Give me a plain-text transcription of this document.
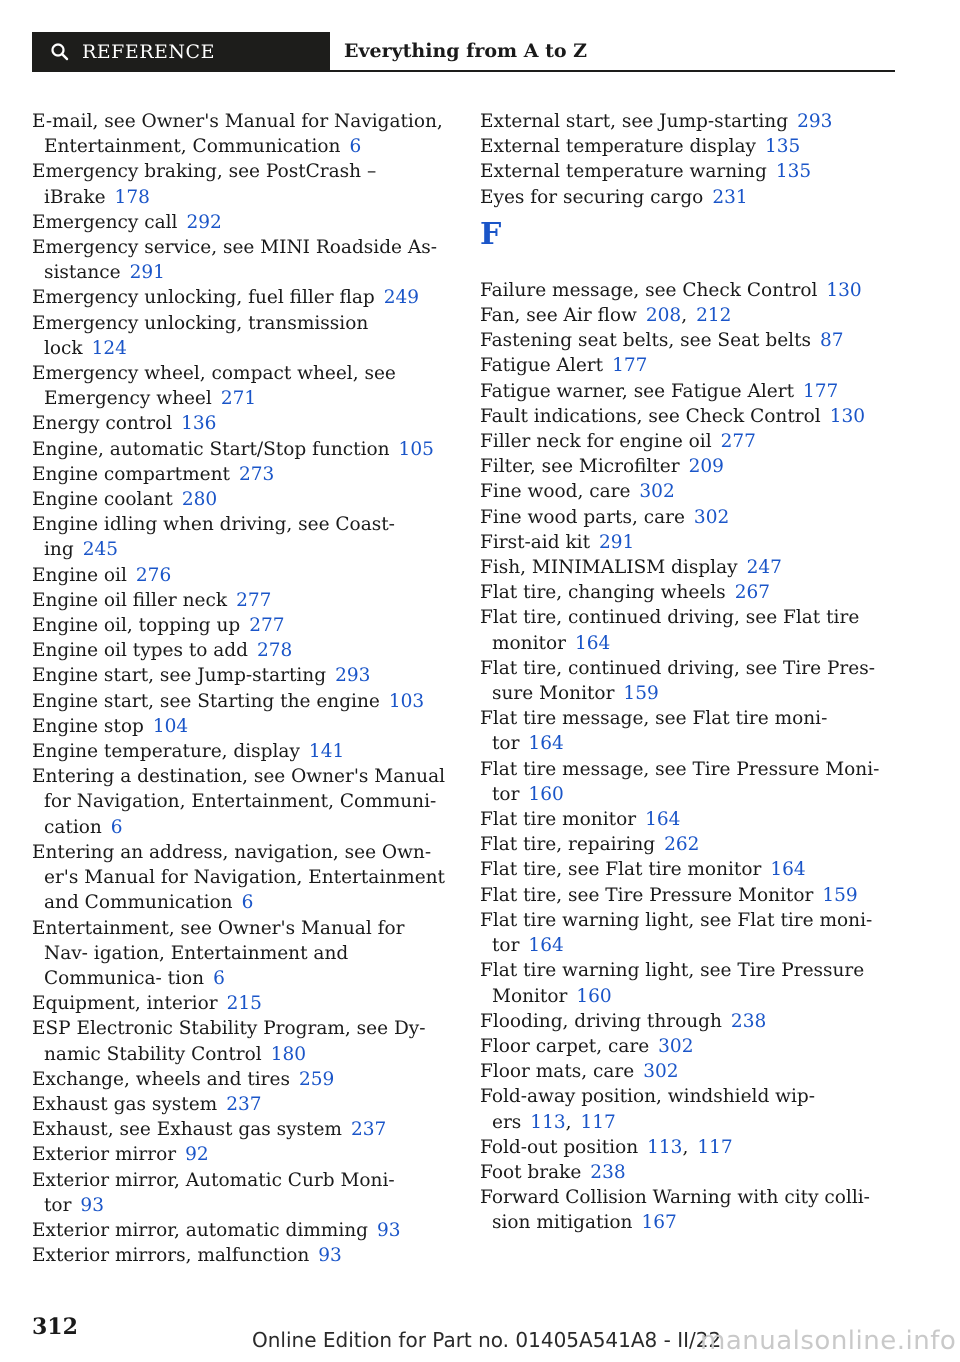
REFERENCE	Everything from A to Z
E-mail, see Owner's Manual for Navigation, Entertainment, Communication 6
Emergency braking, see PostCrash – iBrake 178
Emergency call 292
Emergency service, see MINI Roadside As- sistance 291
Emergency unlocking, fuel filler flap 249
Emergency unlocking, transmission lock 124
Emergency wheel, compact wheel, see Emergency wheel 271
Energy control 136
Engine, automatic Start/Stop function 105
Engine compartment 273
Engine coolant 280
Engine idling when driving, see Coast- ing 245
Engine oil 276
Engine oil filler neck 277
Engine oil, topping up 277
Engine oil types to add 278
Engine start, see Jump-starting 293
Engine start, see Starting the engine 103
Engine stop 104
Engine temperature, display 141
Entering a destination, see Owner's Manual for Navigation, Entertainment, Communi- cation 6
Entering an address, navigation, see Own- er's Manual for Navigation, Entertainment and Communication 6
Entertainment, see Owner's Manual for Nav- igation, Entertainment and Communica- tion 6
Equipment, interior 215
ESP Electronic Stability Program, see Dy- namic Stability Control 180
Exchange, wheels and tires 259
Exhaust gas system 237
Exhaust, see Exhaust gas system 237
Exterior mirror 92
Exterior mirror, Automatic Curb Moni- tor 93
Exterior mirror, automatic dimming 93
Exterior mirrors, malfunction 93
External start, see Jump-starting 293
External temperature display 135
External temperature warning 135
Eyes for securing cargo 231
F
Failure message, see Check Control 130
Fan, see Air flow 208, 212
Fastening seat belts, see Seat belts 87
Fatigue Alert 177
Fatigue warner, see Fatigue Alert 177
Fault indications, see Check Control 130
Filler neck for engine oil 277
Filter, see Microfilter 209
Fine wood, care 302
Fine wood parts, care 302
First-aid kit 291
Fish, MINIMALISM display 247
Flat tire, changing wheels 267
Flat tire, continued driving, see Flat tire monitor 164
Flat tire, continued driving, see Tire Pres- sure Monitor 159
Flat tire message, see Flat tire moni- tor 164
Flat tire message, see Tire Pressure Moni- tor 160
Flat tire monitor 164
Flat tire, repairing 262
Flat tire, see Flat tire monitor 164
Flat tire, see Tire Pressure Monitor 159
Flat tire warning light, see Flat tire moni- tor 164
Flat tire warning light, see Tire Pressure Monitor 160
Flooding, driving through 238
Floor carpet, care 302
Floor mats, care 302
Fold-away position, windshield wip- ers 113, 117
Fold-out position 113, 117
Foot brake 238
Forward Collision Warning with city colli- sion mitigation 167
312	Online Edition for Part no. 01405A541A8 - II/22
manualsonline.info
